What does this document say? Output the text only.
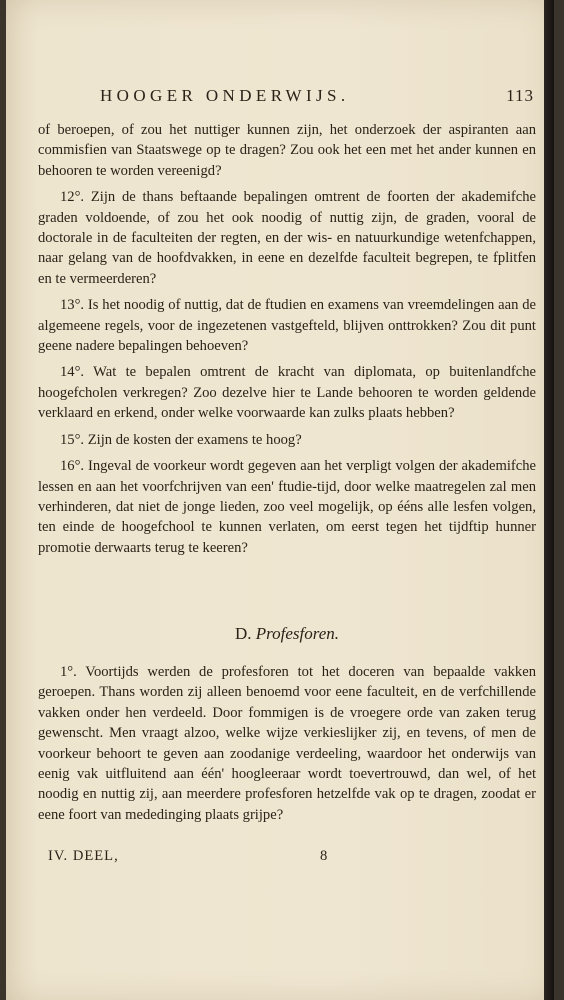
HOOGER ONDERWIJS.	113

of beroepen, of zou het nuttiger kunnen zijn, het onderzoek der aspiranten aan commisfien van Staatswege op te dragen? Zou ook het een met het ander kunnen en behooren te worden vereenigd?

12°. Zijn de thans beftaande bepalingen omtrent de foorten der akademifche graden voldoende, of zou het ook noodig of nuttig zijn, de graden, vooral de doctorale in de faculteiten der regten, en der wis- en natuurkundige wetenfchappen, naar gelang van de hoofdvakken, in eene en dezelfde faculteit begrepen, te fplitfen en te vermeerderen?

13°. Is het noodig of nuttig, dat de ftudien en examens van vreemdelingen aan de algemeene regels, voor de ingezetenen vastgefteld, blijven onttrokken? Zou dit punt geene nadere bepalingen behoeven?

14°. Wat te bepalen omtrent de kracht van diplomata, op buitenlandfche hoogefcholen verkregen? Zoo dezelve hier te Lande behooren te worden geldende verklaard en erkend, onder welke voorwaarde kan zulks plaats hebben?

15°. Zijn de kosten der examens te hoog?

16°. Ingeval de voorkeur wordt gegeven aan het verpligt volgen der akademifche lessen en aan het voorfchrijven van een' ftudie-tijd, door welke maatregelen zal men verhinderen, dat niet de jonge lieden, zoo veel mogelijk, op ééns alle lesfen volgen, ten einde de hoogefchool te kunnen verlaten, om eerst tegen het tijdftip hunner promotie derwaarts terug te keeren?

D. Profesforen.

1°. Voortijds werden de profesforen tot het doceren van bepaalde vakken geroepen. Thans worden zij alleen benoemd voor eene faculteit, en de verfchillende vakken onder hen verdeeld. Door fommigen is de vroegere orde van zaken terug gewenscht. Men vraagt alzoo, welke wijze verkieslijker zij, en tevens, of men de voorkeur behoort te geven aan zoodanige verdeeling, waardoor het onderwijs van eenig vak uitfluitend aan één' hoogleeraar wordt toevertrouwd, dan wel, of het noodig en nuttig zij, aan meerdere profesforen hetzelfde vak op te dragen, zoodat er eene foort van mededinging plaats grijpe?

IV. DEEL,	8
